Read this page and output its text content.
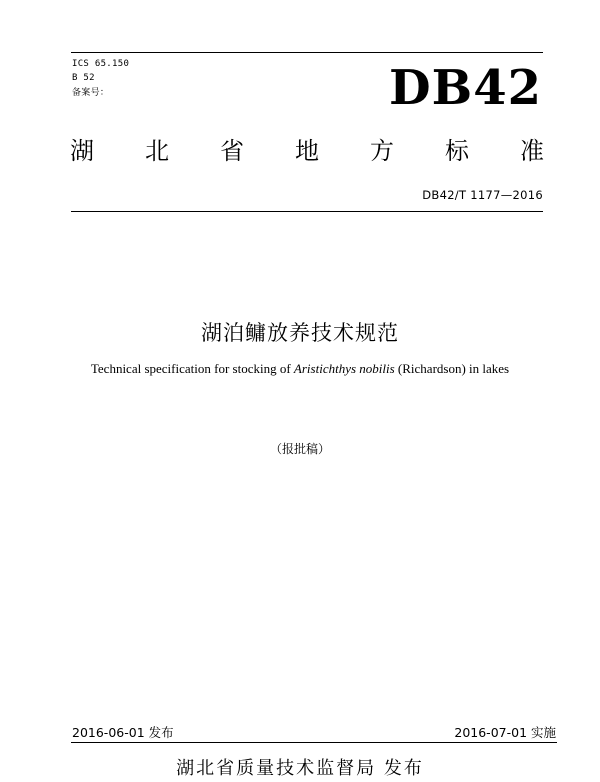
ICS 65.150
B 52
备案号：	DB42
湖 北 省 地 方 标 准
DB42/T 1177—2016
湖泊鳙放养技术规范
Technical specification for stocking of Aristichthys nobilis (Richardson) in lakes
（报批稿）
2016-06-01 发布	2016-07-01 实施
湖北省质量技术监督局 发布
